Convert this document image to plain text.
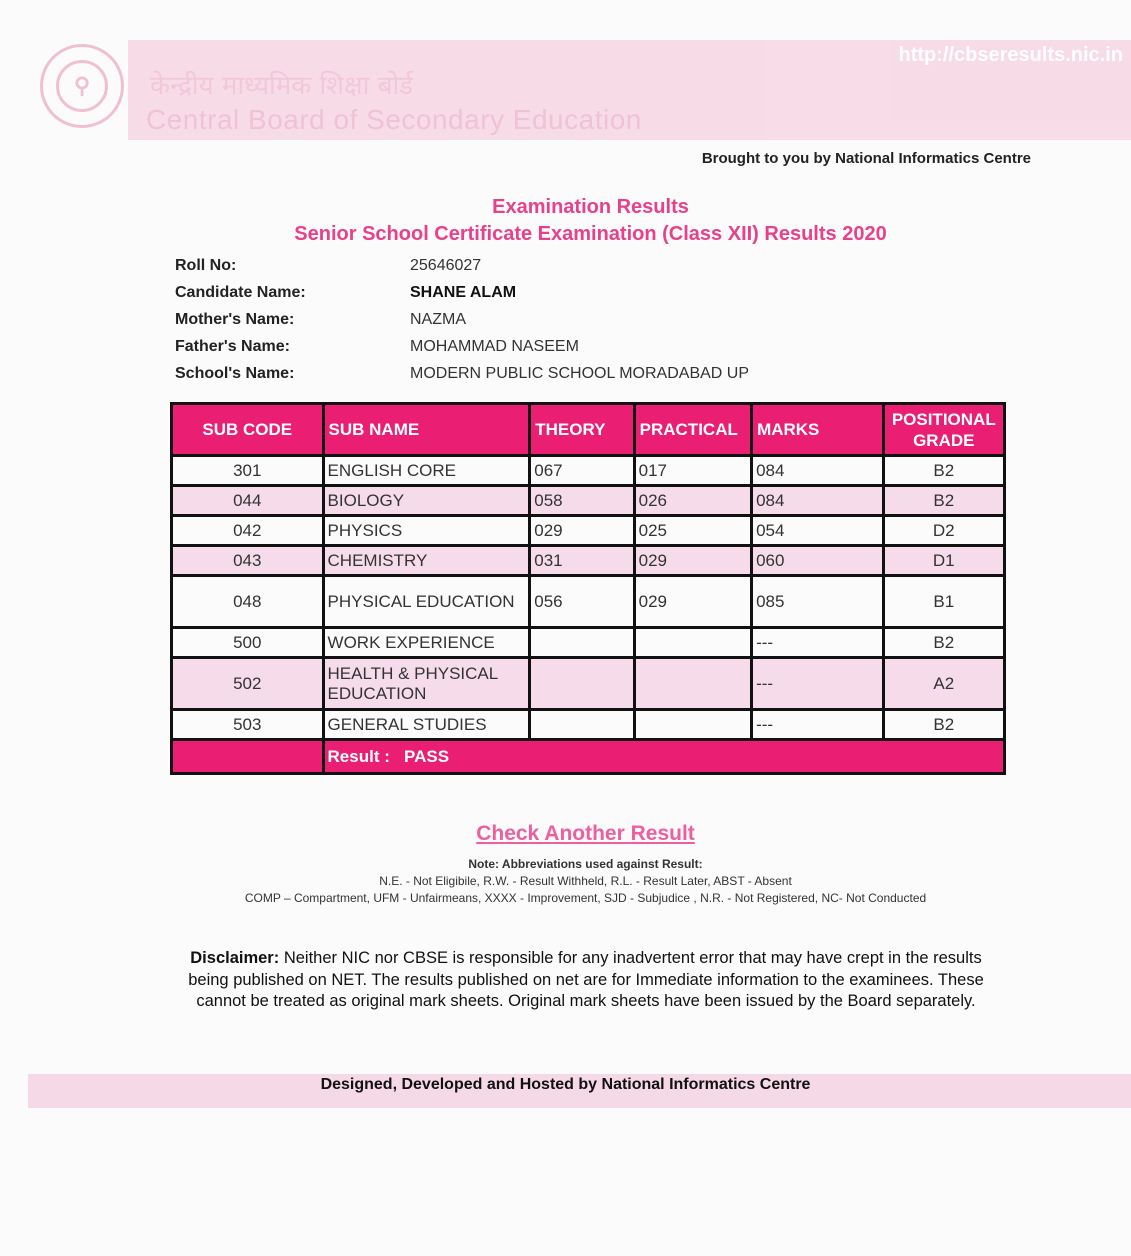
केन्द्रीय माध्यमिक शिक्षा बोर्ड
Central Board of Secondary Education
http://cbseresults.nic.in
⚲
Brought to you by National Informatics Centre
Examination Results
Senior School Certificate Examination (Class XII) Results 2020
Roll No:	25646027
Candidate Name:	SHANE ALAM
Mother's Name:	NAZMA
Father's Name:	MOHAMMAD NASEEM
School's Name:	MODERN PUBLIC SCHOOL MORADABAD UP
SUB CODE	SUB NAME	THEORY	PRACTICAL	MARKS	POSITIONAL GRADE
301	ENGLISH CORE	067	017	084	B2
044	BIOLOGY	058	026	084	B2
042	PHYSICS	029	025	054	D2
043	CHEMISTRY	031	029	060	D1
048	PHYSICAL EDUCATION	056	029	085	B1
500	WORK EXPERIENCE			---	B2
502	HEALTH & PHYSICAL EDUCATION			---	A2
503	GENERAL STUDIES			---	B2
	Result : PASS				
Check Another Result
Note: Abbreviations used against Result:
N.E. - Not Eligibile, R.W. - Result Withheld, R.L. - Result Later, ABST - Absent
COMP – Compartment, UFM - Unfairmeans, XXXX - Improvement, SJD - Subjudice , N.R. - Not Registered, NC- Not Conducted
Disclaimer: Neither NIC nor CBSE is responsible for any inadvertent error that may have crept in the results being published on NET. The results published on net are for Immediate information to the examinees. These cannot be treated as original mark sheets. Original mark sheets have been issued by the Board separately.
Designed, Developed and Hosted by National Informatics Centre
